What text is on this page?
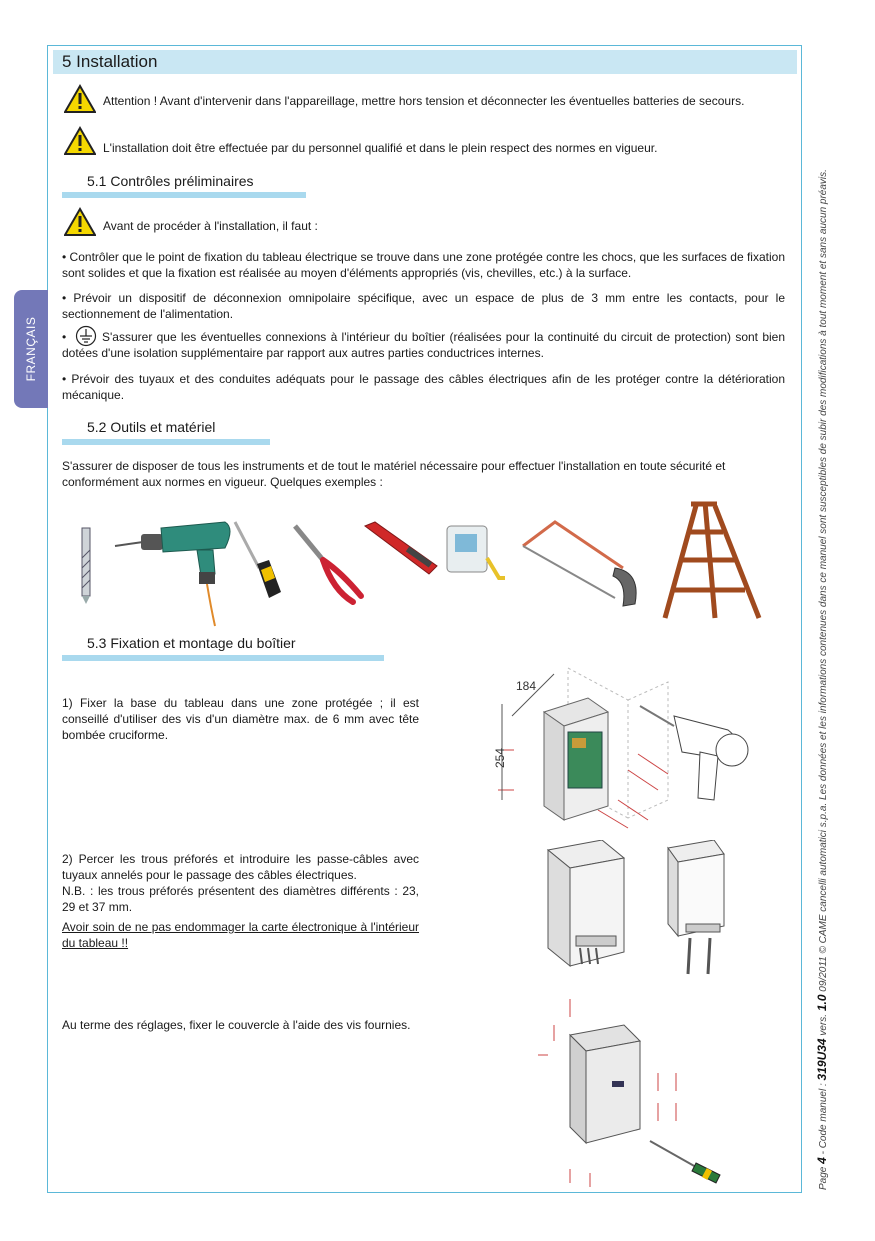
5 Installation
FRANÇAIS
Attention ! Avant d'intervenir dans l'appareillage, mettre hors tension et déconnecter les éventuelles batteries de secours.
L'installation doit être effectuée par du personnel qualifié et dans le plein respect des normes en vigueur.
5.1 Contrôles préliminaires
Avant de procéder à l'installation, il faut :
• Contrôler que le point de fixation du tableau électrique se trouve dans une zone protégée contre les chocs, que les surfaces de fixation sont solides et que la fixation est réalisée au moyen d'éléments appropriés (vis, chevilles, etc.) à la surface.
• Prévoir un dispositif de déconnexion omnipolaire spécifique, avec un espace de plus de 3 mm entre les contacts, pour le sectionnement de l'alimentation.
•	S'assurer que les éventuelles connexions à l'intérieur du boîtier (réalisées pour la continuité du circuit de protection) sont bien dotées d'une isolation supplémentaire par rapport aux autres parties conductrices internes.
• Prévoir des tuyaux et des conduites adéquats pour le passage des câbles électriques afin de les protéger contre la détérioration mécanique.
5.2 Outils et matériel
S'assurer de disposer de tous les instruments et de tout le matériel nécessaire pour effectuer l'installation en toute sécurité et conformément aux normes en vigueur. Quelques exemples :
5.3 Fixation et montage du boîtier
1) Fixer la base du tableau dans une zone protégée ; il est conseillé d'utiliser des vis d'un diamètre max. de 6 mm avec tête bombée cruciforme.
2) Percer les trous préforés et introduire les passe-câbles avec tuyaux annelés pour le passage des câbles électriques.
N.B. : les trous préforés présentent des diamètres différents : 23, 29 et 37 mm.
Avoir soin de ne pas endommager la carte électronique à l'intérieur du tableau !!
Au terme des réglages, fixer le couvercle à l'aide des vis fournies.
184
254
Page 4 - Code manuel : 319U34 vers. 1.0 09/2011 © CAME cancelli automatici s.p.a. Les données et les informations contenues dans ce manuel sont susceptibles de subir des modifications à tout moment et sans aucun préavis.
